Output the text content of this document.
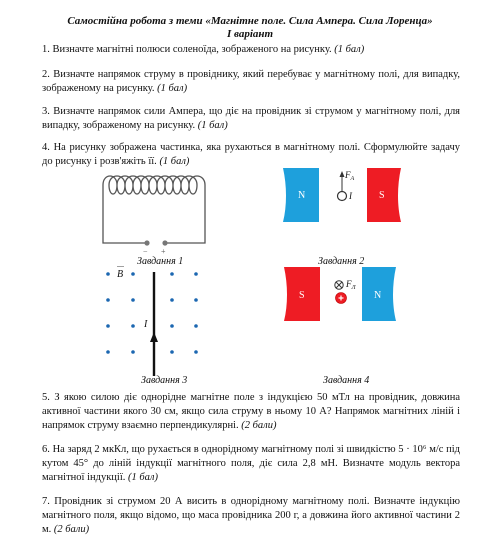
Самостійна робота з теми «Магнітне поле. Сила Ампера. Сила Лоренца»
І варіант
1. Визначте магнітні полюси соленоїда, зображеного на рисунку. (1 бал)
2. Визначте напрямок струму в провіднику, який перебуває у магнітному полі, для випадку, зображеному на рисунку. (1 бал)
3. Визначте напрямок сили Ампера, що діє на провідник зі струмом у магнітному полі, для випадку, зображеному на рисунку. (1 бал)
4. На рисунку зображена частинка, яка рухаються в магнітному полі. Сформулюйте задачу до рисунку і розв'яжіть її. (1 бал)
− +
Завдання 1
N	S
$F_A$
I
Завдання 2
B
I
Завдання 3
S	N
$F_Л$
Завдання 4
5. З якою силою діє однорідне магнітне поле з індукцією 50 мТл на провідник, довжина активної частини якого 30 см, якщо сила струму в ньому 10 А? Напрямок магнітних ліній і напрямок струму взаємно перпендикулярні. (2 бали)
6. На заряд 2 мкКл, що рухається в однорідному магнітному полі зі швидкістю 5 · 10⁶ м/с під кутом 45° до ліній індукції магнітного поля, діє сила 2,8 мН. Визначте модуль вектора магнітної індукції. (1 бал)
7. Провідник зі струмом 20 А висить в однорідному магнітному полі. Визначте індукцію магнітного поля, якщо відомо, що маса провідника 200 г, а довжина його активної частини 2 м. (2 бали)
